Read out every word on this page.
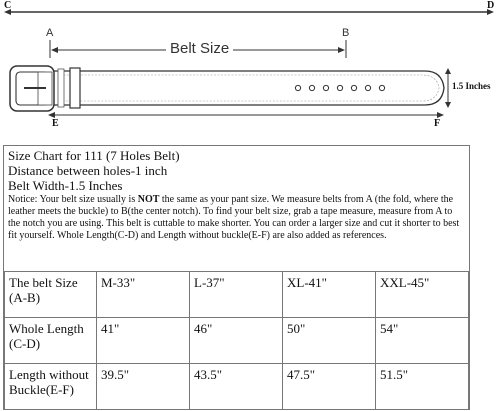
C	D
A	B
Belt Size
1.5 Inches
E	F

Size Chart for 111 (7 Holes Belt)

Distance between holes-1 inch

Belt Width-1.5 Inches

Notice: Your belt size usually is NOT the same as your pant size. We measure belts from A (the fold, where the leather meets the buckle) to B(the center notch). To find your belt size, grab a tape measure, measure from A to the notch you are using. This belt is cuttable to make shorter. You can order a larger size and cut it shorter to best fit yourself. Whole Length(C-D) and Length without buckle(E-F) are also added as references.

The belt Size (A-B)	M-33"	L-37"	XL-41"	XXL-45"
Whole Length (C-D)	41"	46"	50"	54"
Length without Buckle(E-F)	39.5"	43.5"	47.5"	51.5"
